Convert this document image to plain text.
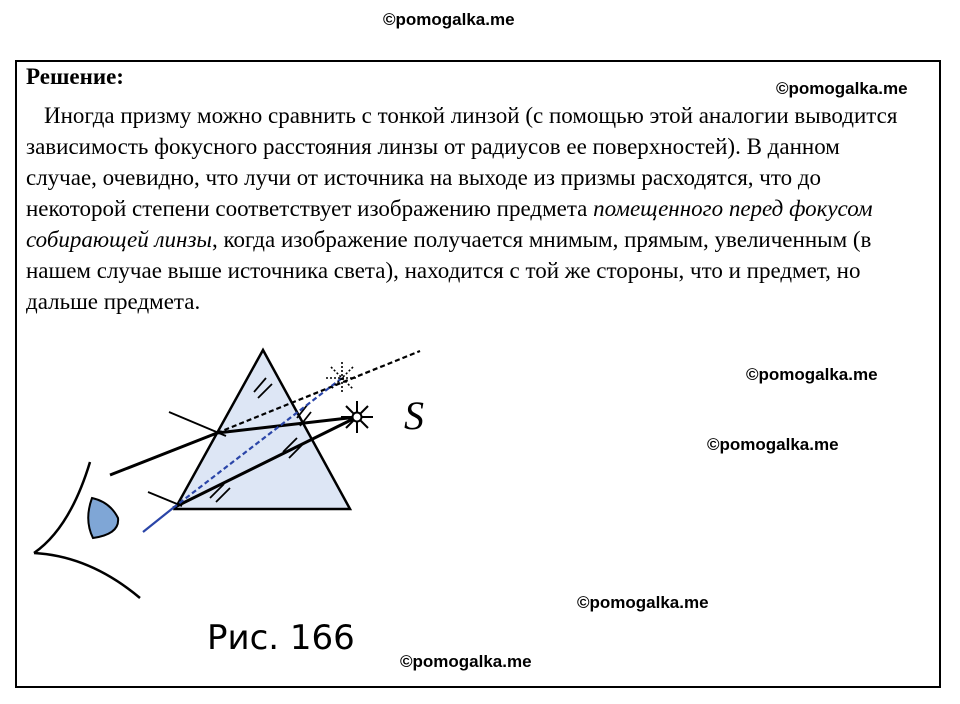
©pomogalka.me
©pomogalka.me
©pomogalka.me
©pomogalka.me
©pomogalka.me
©pomogalka.me
Решение:

Иногда призму можно сравнить с тонкой линзой (с помощью этой аналогии выводится зависимость фокусного расстояния линзы от радиусов ее поверхностей). В данном случае, очевидно, что лучи от источника на выходе из призмы расходятся, что до некоторой степени соответствует изображению предмета помещенного перед фокусом собирающей линзы, когда изображение получается мнимым, прямым, увеличенным (в нашем случае выше источника света), находится с той же стороны, что и предмет, но дальше предмета.

S
Рис. 166
